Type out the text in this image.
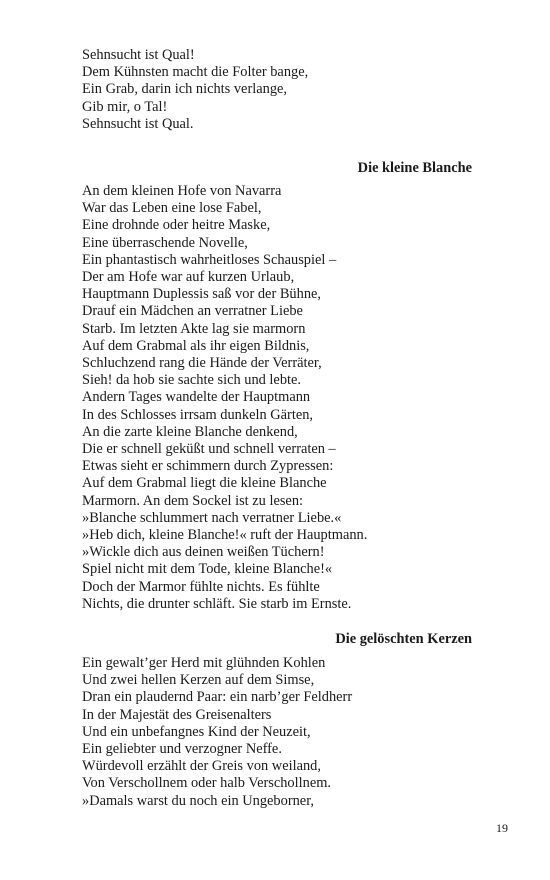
Sehnsucht ist Qual!
Dem Kühnsten macht die Folter bange,
Ein Grab, darin ich nichts verlange,
Gib mir, o Tal!
Sehnsucht ist Qual.
Die kleine Blanche
An dem kleinen Hofe von Navarra
War das Leben eine lose Fabel,
Eine drohnde oder heitre Maske,
Eine überraschende Novelle,
Ein phantastisch wahrheitloses Schauspiel –
Der am Hofe war auf kurzen Urlaub,
Hauptmann Duplessis saß vor der Bühne,
Drauf ein Mädchen an verratner Liebe
Starb. Im letzten Akte lag sie marmorn
Auf dem Grabmal als ihr eigen Bildnis,
Schluchzend rang die Hände der Verräter,
Sieh! da hob sie sachte sich und lebte.
Andern Tages wandelte der Hauptmann
In des Schlosses irrsam dunkeln Gärten,
An die zarte kleine Blanche denkend,
Die er schnell geküßt und schnell verraten –
Etwas sieht er schimmern durch Zypressen:
Auf dem Grabmal liegt die kleine Blanche
Marmorn. An dem Sockel ist zu lesen:
»Blanche schlummert nach verratner Liebe.«
»Heb dich, kleine Blanche!« ruft der Hauptmann.
»Wickle dich aus deinen weißen Tüchern!
Spiel nicht mit dem Tode, kleine Blanche!«
Doch der Marmor fühlte nichts. Es fühlte
Nichts, die drunter schläft. Sie starb im Ernste.
Die gelöschten Kerzen
Ein gewalt’ger Herd mit glühnden Kohlen
Und zwei hellen Kerzen auf dem Simse,
Dran ein plaudernd Paar: ein narb’ger Feldherr
In der Majestät des Greisenalters
Und ein unbefangnes Kind der Neuzeit,
Ein geliebter und verzogner Neffe.
Würdevoll erzählt der Greis von weiland,
Von Verschollnem oder halb Verschollnem.
»Damals warst du noch ein Ungeborner,
19
